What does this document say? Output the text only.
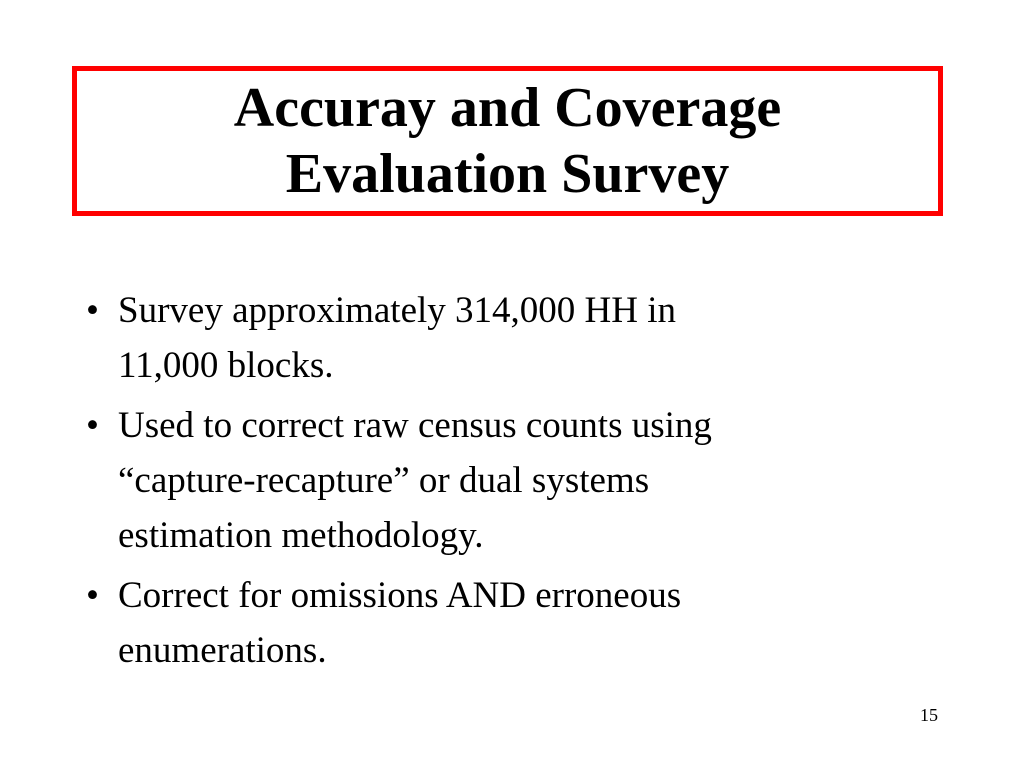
Accuray and Coverage
Evaluation Survey
• Survey approximately 314,000 HH in
11,000 blocks.
• Used to correct raw census counts using
“capture-recapture” or dual systems
estimation methodology.
• Correct for omissions AND erroneous
enumerations.
15
